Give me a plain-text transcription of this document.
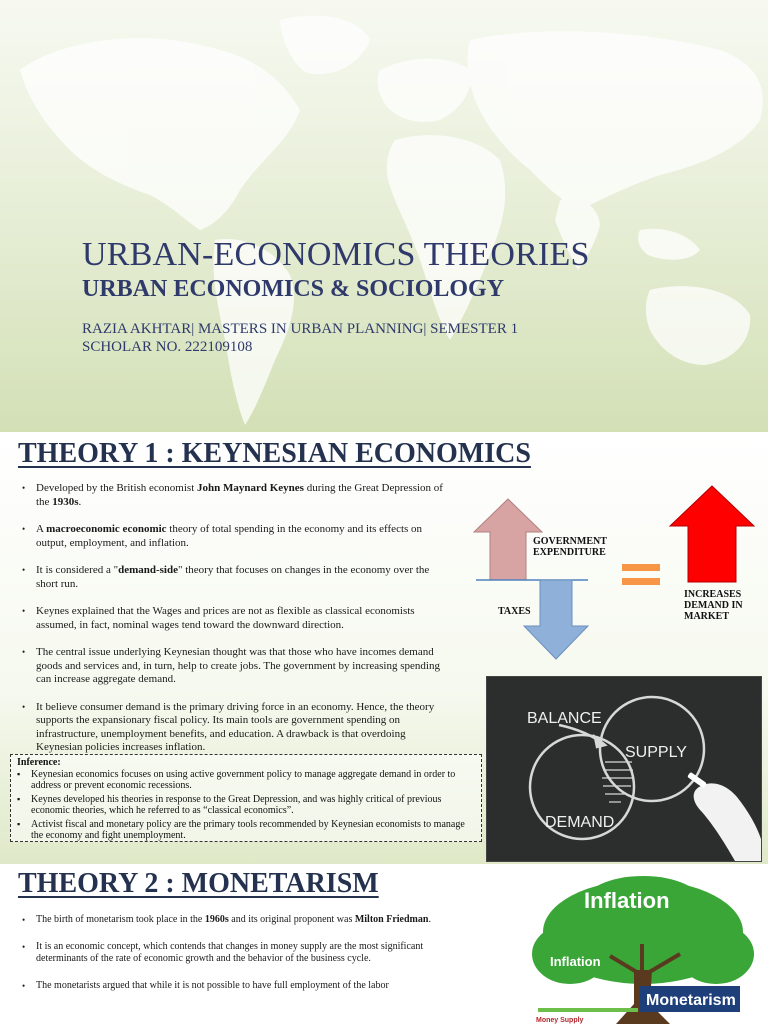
URBAN-ECONOMICS THEORIES
URBAN ECONOMICS & SOCIOLOGY
RAZIA AKHTAR| MASTERS IN URBAN PLANNING| SEMESTER 1
SCHOLAR NO. 222109108
THEORY 1 : KEYNESIAN ECONOMICS
• Developed by the British economist John Maynard Keynes during the Great Depression of the 1930s.
• A macroeconomic economic theory of total spending in the economy and its effects on output, employment, and inflation.
• It is considered a "demand-side" theory that focuses on changes in the economy over the short run.
• Keynes explained that the Wages and prices are not as flexible as classical economists assumed, in fact, nominal wages tend toward the downward direction.
• The central issue underlying Keynesian thought was that those who have incomes demand goods and services and, in turn, help to create jobs. The government by increasing spending can increase aggregate demand.
• It believe consumer demand is the primary driving force in an economy. Hence, the theory supports the expansionary fiscal policy. Its main tools are government spending on infrastructure, unemployment benefits, and education. A drawback is that overdoing Keynesian policies increases inflation.
Inference:
▪ Keynesian economics focuses on using active government policy to manage aggregate demand in order to address or prevent economic recessions.
▪ Keynes developed his theories in response to the Great Depression, and was highly critical of previous economic theories, which he referred to as “classical economics”.
▪ Activist fiscal and monetary policy are the primary tools recommended by Keynesian economists to manage the economy and fight unemployment.
GOVERNMENT EXPENDITURE
TAXES
INCREASES DEMAND IN MARKET
BALANCE
SUPPLY
DEMAND
THEORY 2 : MONETARISM
• The birth of monetarism took place in the 1960s and its original proponent was Milton Friedman.
• It is an economic concept, which contends that changes in money supply are the most significant determinants of the rate of economic growth and the behavior of the business cycle.
• The monetarists argued that while it is not possible to have full employment of the labor
Inflation
Inflation
Monetarism
Money Supply
